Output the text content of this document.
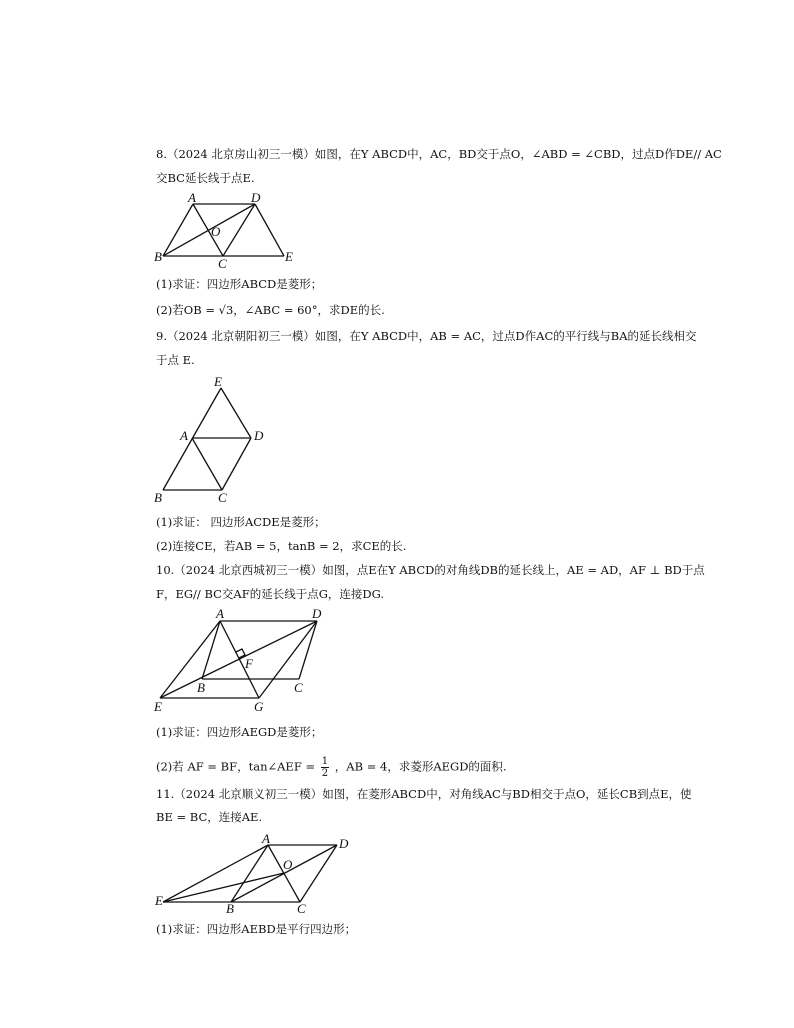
8.（2024 北京房山初三一模）如图，在Y ABCD中，AC，BD交于点O，∠ABD = ∠CBD，过点D作DE// AC
交BC延长线于点E.
A	D
O
B	C	E
(1)求证：四边形ABCD是菱形；
(2)若OB = √3，∠ABC = 60°，求DE的长.
9.（2024 北京朝阳初三一模）如图，在Y ABCD中，AB = AC，过点D作AC的平行线与BA的延长线相交
于点 E.
E
A	D
B	C
(1)求证： 四边形ACDE是菱形；
(2)连接CE，若AB = 5，tanB = 2，求CE的长.
10.（2024 北京西城初三一模）如图，点E在Y ABCD的对角线DB的延长线上，AE = AD，AF ⊥ BD于点
F，EG// BC交AF的延长线于点G，连接DG.
A	D
F
B	C
E	G
(1)求证：四边形AEGD是菱形；
(2)若 AF = BF，tan∠AEF = $\frac{1}{2}$ ，AB = 4，求菱形AEGD的面积.
11.（2024 北京顺义初三一模）如图，在菱形ABCD中，对角线AC与BD相交于点O，延长CB到点E，使
BE = BC，连接AE.
A	D
O
E
B	C
(1)求证：四边形AEBD是平行四边形；
